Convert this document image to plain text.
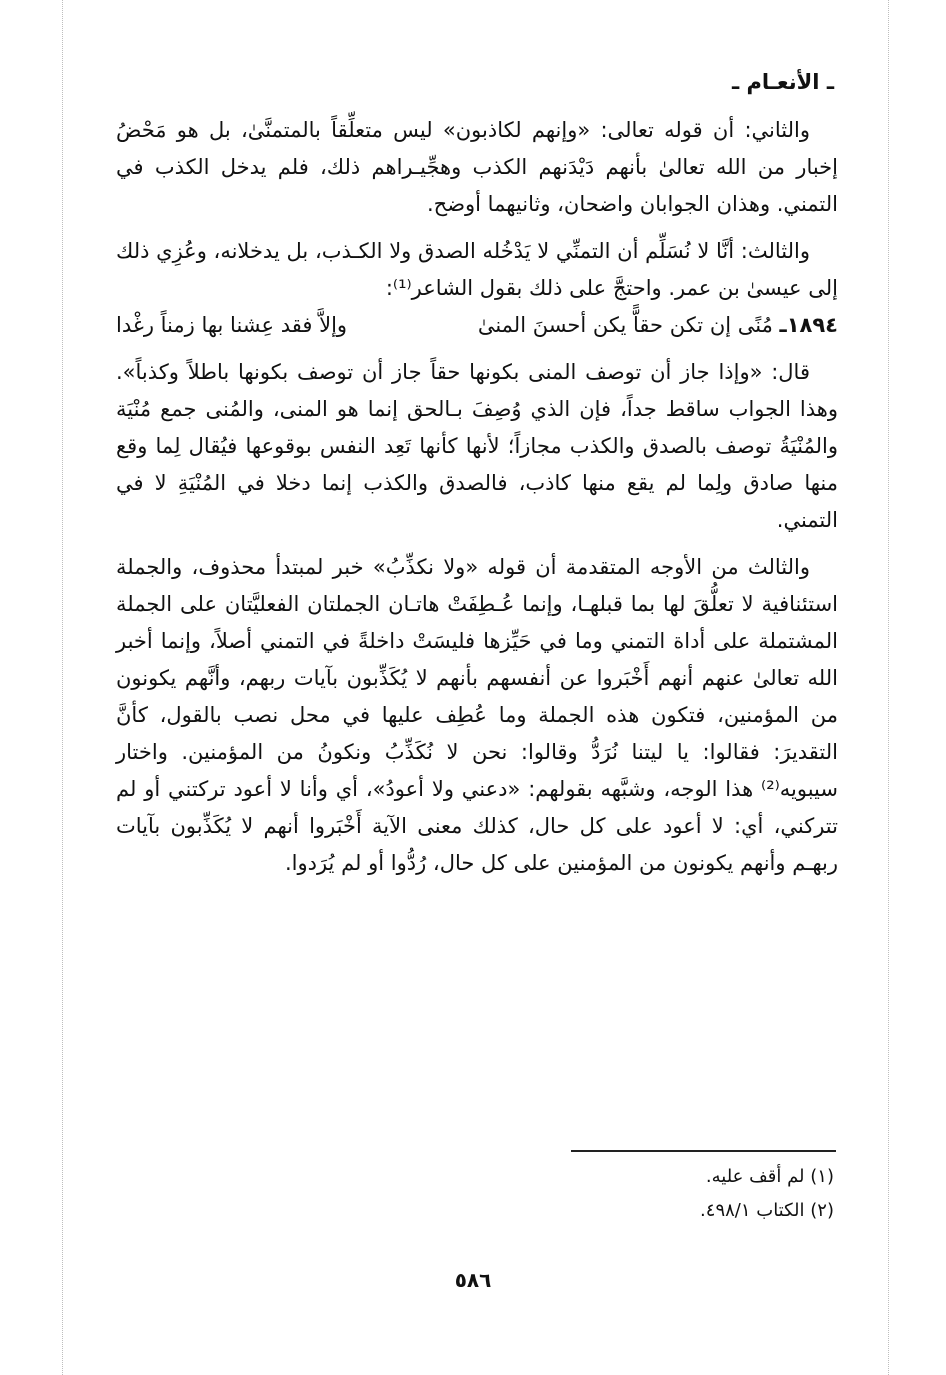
ـ الأنعـام ـ

والثاني: أن قوله تعالى: «وإنهم لكاذبون» ليس متعلِّقاً بالمتمنَّىٰ، بل هو مَحْضُ إخبار من الله تعالىٰ بأنهم دَيْدَنهم الكذب وهجِّيـراهم ذلك، فلم يدخل الكذب في التمني. وهذان الجوابان واضحان، وثانيهما أوضح.

والثالث: أنَّا لا نُسَلِّم أن التمنِّي لا يَدْخُله الصدق ولا الكـذب، بل يدخلانه، وعُزِي ذلك إلى عيسىٰ بن عمر. واحتجَّ على ذلك بقول الشاعر⁽¹⁾:

١٨٩٤ـ مُنًى إن تكن حقاًّ يكن أحسنَ المنىٰ
وإلاَّ فقد عِشنا بها زمناً رغْدا

قال: «وإذا جاز أن توصف المنى بكونها حقاً جاز أن توصف بكونها باطلاً وكذباً». وهذا الجواب ساقط جداً، فإن الذي وُصِفَ بـالحق إنما هو المنى، والمُنى جمع مُنْيَة والمُنْيَةُ توصف بالصدق والكذب مجازاً؛ لأنها كأنها تَعِد النفس بوقوعها فيُقال لِما وقع منها صادق ولِما لم يقع منها كاذب، فالصدق والكذب إنما دخلا في المُنْيَةِ لا في التمني.

والثالث من الأوجه المتقدمة أن قوله «ولا نكذِّبُ» خبر لمبتدأ محذوف، والجملة استئنافية لا تعلُّقَ لها بما قبلهـا، وإنما عُـطِفَتْ هاتـان الجملتان الفعليَّتان على الجملة المشتملة على أداة التمني وما في حَيِّزها فليسَتْ داخلةً في التمني أصلاً، وإنما أخبر الله تعالىٰ عنهم أنهم أَخْبَروا عن أنفسهم بأنهم لا يُكَذِّبون بآيات ربهم، وأنَّهم يكونون من المؤمنين، فتكون هذه الجملة وما عُطِف عليها في محل نصب بالقول، كأنَّ التقديرَ: فقالوا: يا ليتنا نُرَدُّ وقالوا: نحن لا نُكَذِّبُ ونكونُ من المؤمنين. واختار سيبويه⁽²⁾ هذا الوجه، وشبَّهه بقولهم: «دعني ولا أعودُ»، أي وأنا لا أعود تركتني أو لم تتركني، أي: لا أعود على كل حال، كذلك معنى الآية أَخْبَروا أنهم لا يُكَذِّبون بآيات ربهـم وأنهم يكونون من المؤمنين على كل حال، رُدُّوا أو لم يُرَدوا.

(١) لم أقف عليه.
(٢) الكتاب ٤٩٨/١.
٥٨٦
